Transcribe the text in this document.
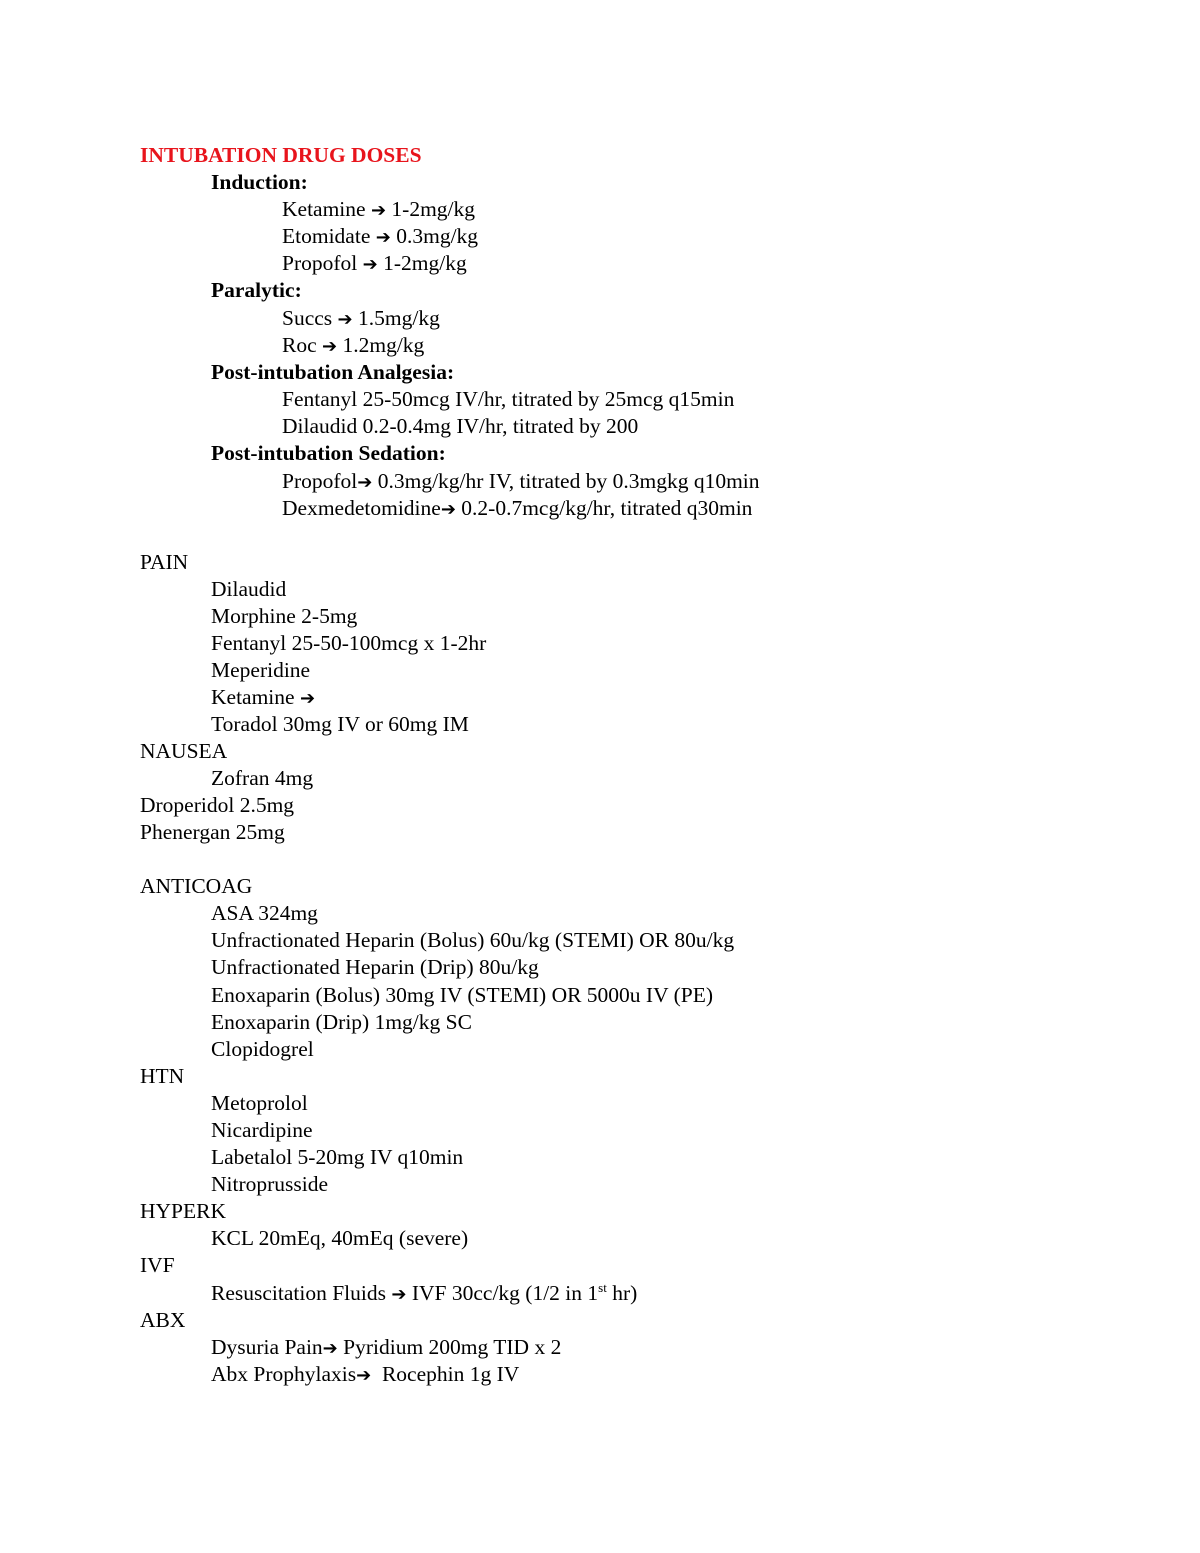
INTUBATION DRUG DOSES
Induction:
Ketamine ➔ 1-2mg/kg
Etomidate ➔ 0.3mg/kg
Propofol ➔ 1-2mg/kg
Paralytic:
Succs ➔ 1.5mg/kg
Roc ➔ 1.2mg/kg
Post-intubation Analgesia:
Fentanyl 25-50mcg IV/hr, titrated by 25mcg q15min
Dilaudid 0.2-0.4mg IV/hr, titrated by 200
Post-intubation Sedation:
Propofol➔ 0.3mg/kg/hr IV, titrated by 0.3mgkg q10min
Dexmedetomidine➔ 0.2-0.7mcg/kg/hr, titrated q30min
PAIN
Dilaudid
Morphine 2-5mg
Fentanyl 25-50-100mcg x 1-2hr
Meperidine
Ketamine ➔
Toradol 30mg IV or 60mg IM
NAUSEA
Zofran 4mg
Droperidol 2.5mg
Phenergan 25mg
ANTICOAG
ASA 324mg
Unfractionated Heparin (Bolus) 60u/kg (STEMI) OR 80u/kg
Unfractionated Heparin (Drip) 80u/kg
Enoxaparin (Bolus) 30mg IV (STEMI) OR 5000u IV (PE)
Enoxaparin (Drip) 1mg/kg SC
Clopidogrel
HTN
Metoprolol
Nicardipine
Labetalol 5-20mg IV q10min
Nitroprusside
HYPERK
KCL 20mEq, 40mEq (severe)
IVF
Resuscitation Fluids ➔ IVF 30cc/kg (1/2 in 1st hr)
ABX
Dysuria Pain➔ Pyridium 200mg TID x 2
Abx Prophylaxis➔  Rocephin 1g IV
